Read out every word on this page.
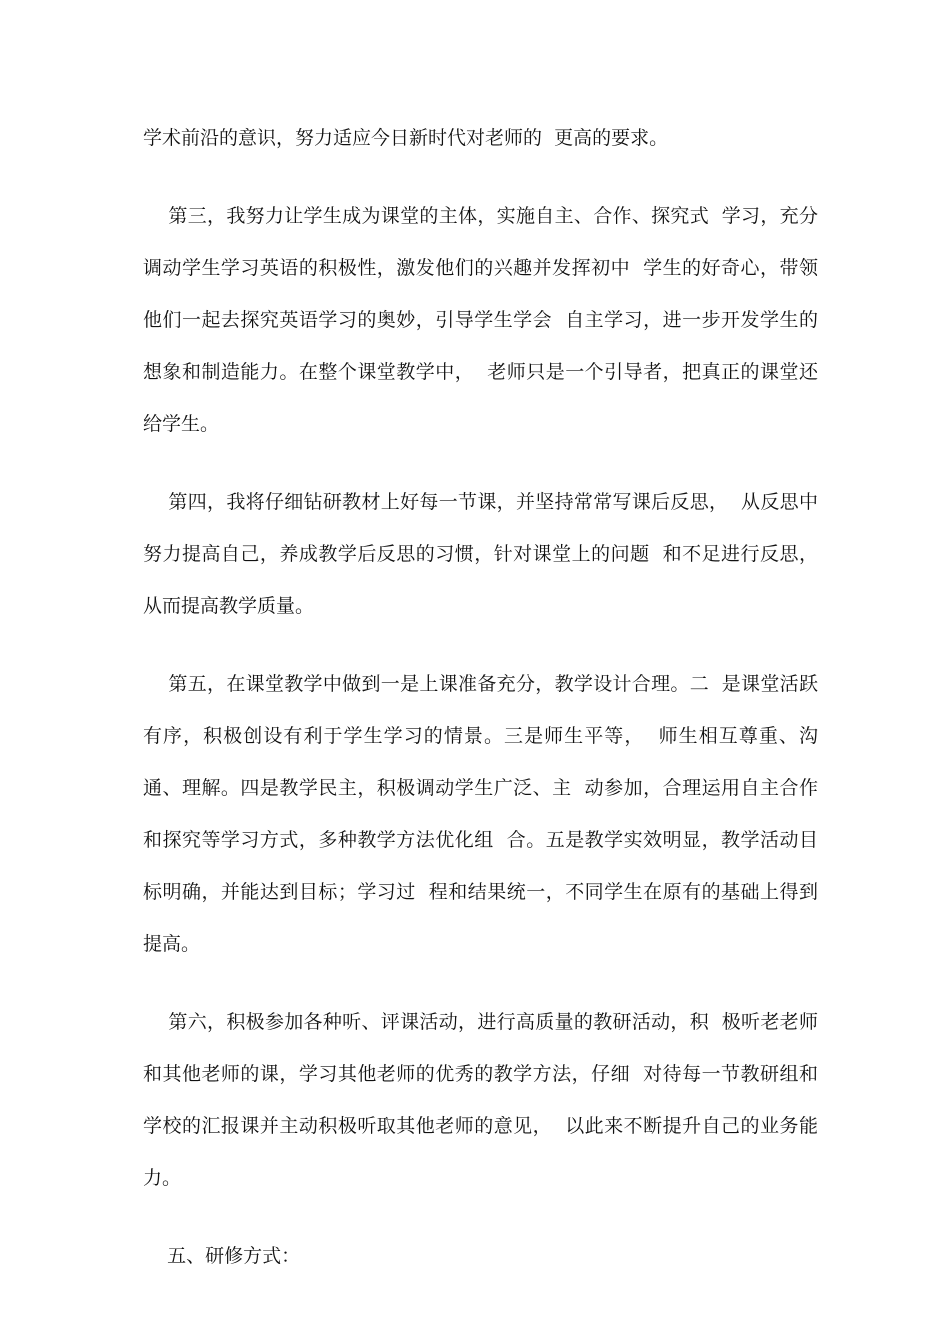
学术前沿的意识，努力适应今日新时代对老师的  更高的要求。
第三，我努力让学生成为课堂的主体，实施自主、合作、探究式  学习，充分
调动学生学习英语的积极性，激发他们的兴趣并发挥初中  学生的好奇心，带领
他们一起去探究英语学习的奥妙，引导学生学会  自主学习，进一步开发学生的
想象和制造能力。在整个课堂教学中，  老师只是一个引导者，把真正的课堂还
给学生。
第四，我将仔细钻研教材上好每一节课，并坚持常常写课后反思，  从反思中
努力提高自己，养成教学后反思的习惯，针对课堂上的问题  和不足进行反思，
从而提高教学质量。
第五，在课堂教学中做到一是上课准备充分，教学设计合理。二  是课堂活跃
有序，积极创设有利于学生学习的情景。三是师生平等，  师生相互尊重、沟
通、理解。四是教学民主，积极调动学生广泛、主  动参加，合理运用自主合作
和探究等学习方式，多种教学方法优化组  合。五是教学实效明显，教学活动目
标明确，并能达到目标；学习过  程和结果统一，不同学生在原有的基础上得到
提高。
第六，积极参加各种听、评课活动，进行高质量的教研活动，积  极听老老师
和其他老师的课，学习其他老师的优秀的教学方法，仔细  对待每一节教研组和
学校的汇报课并主动积极听取其他老师的意见，  以此来不断提升自己的业务能
力。
五、研修方式：
